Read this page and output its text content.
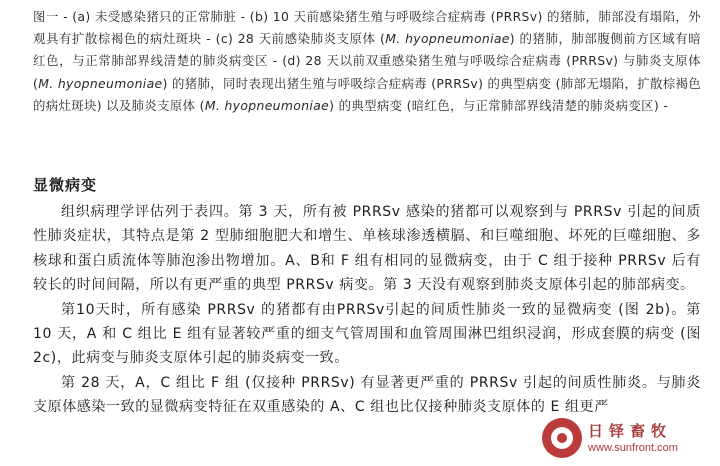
图一 - (a) 未受感染猪只的正常肺脏 - (b) 10 天前感染猪生殖与呼吸综合症病毒 (PRRSv) 的猪肺，肺部没有塌陷，外观具有扩散棕褐色的病灶斑块 - (c) 28 天前感染肺炎支原体 (M. hyopneumoniae) 的猪肺，肺部腹侧前方区域有暗红色，与正常肺部界线清楚的肺炎病变区 - (d) 28 天以前双重感染猪生殖与呼吸综合症病毒 (PRRSv) 与肺炎支原体 (M. hyopneumoniae) 的猪肺，同时表现出猪生殖与呼吸综合症病毒 (PRRSv) 的典型病变 (肺部无塌陷，扩散棕褐色的病灶斑块) 以及肺炎支原体 (M. hyopneumoniae) 的典型病变 (暗红色，与正常肺部界线清楚的肺炎病变区) -
显微病变

组织病理学评估列于表四。第 3 天，所有被 PRRSv 感染的猪都可以观察到与 PRRSv 引起的间质性肺炎症状，其特点是第 2 型肺细胞肥大和增生、单核球渗透横膈、和巨噬细胞、坏死的巨噬细胞、多核球和蛋白质流体等肺泡渗出物增加。A、B和 F 组有相同的显微病变，由于 C 组于接种 PRRSv 后有较长的时间间隔，所以有更严重的典型 PRRSv 病变。第 3 天没有观察到肺炎支原体引起的肺部病变。

第10天时，所有感染 PRRSv 的猪都有由PRRSv引起的间质性肺炎一致的显微病变 (图 2b)。第 10 天，A 和 C 组比 E 组有显著较严重的细支气管周围和血管周围淋巴组织浸润，形成套膜的病变 (图 2c)，此病变与肺炎支原体引起的肺炎病变一致。

第 28 天，A，C 组比 F 组 (仅接种 PRRSv) 有显著更严重的 PRRSv 引起的间质性肺炎。与肺炎支原体感染一致的显微病变特征在双重感染的 A、C 组也比仅接种肺炎支原体的 E 组更严

日铎畜牧
www.sunfront.com
